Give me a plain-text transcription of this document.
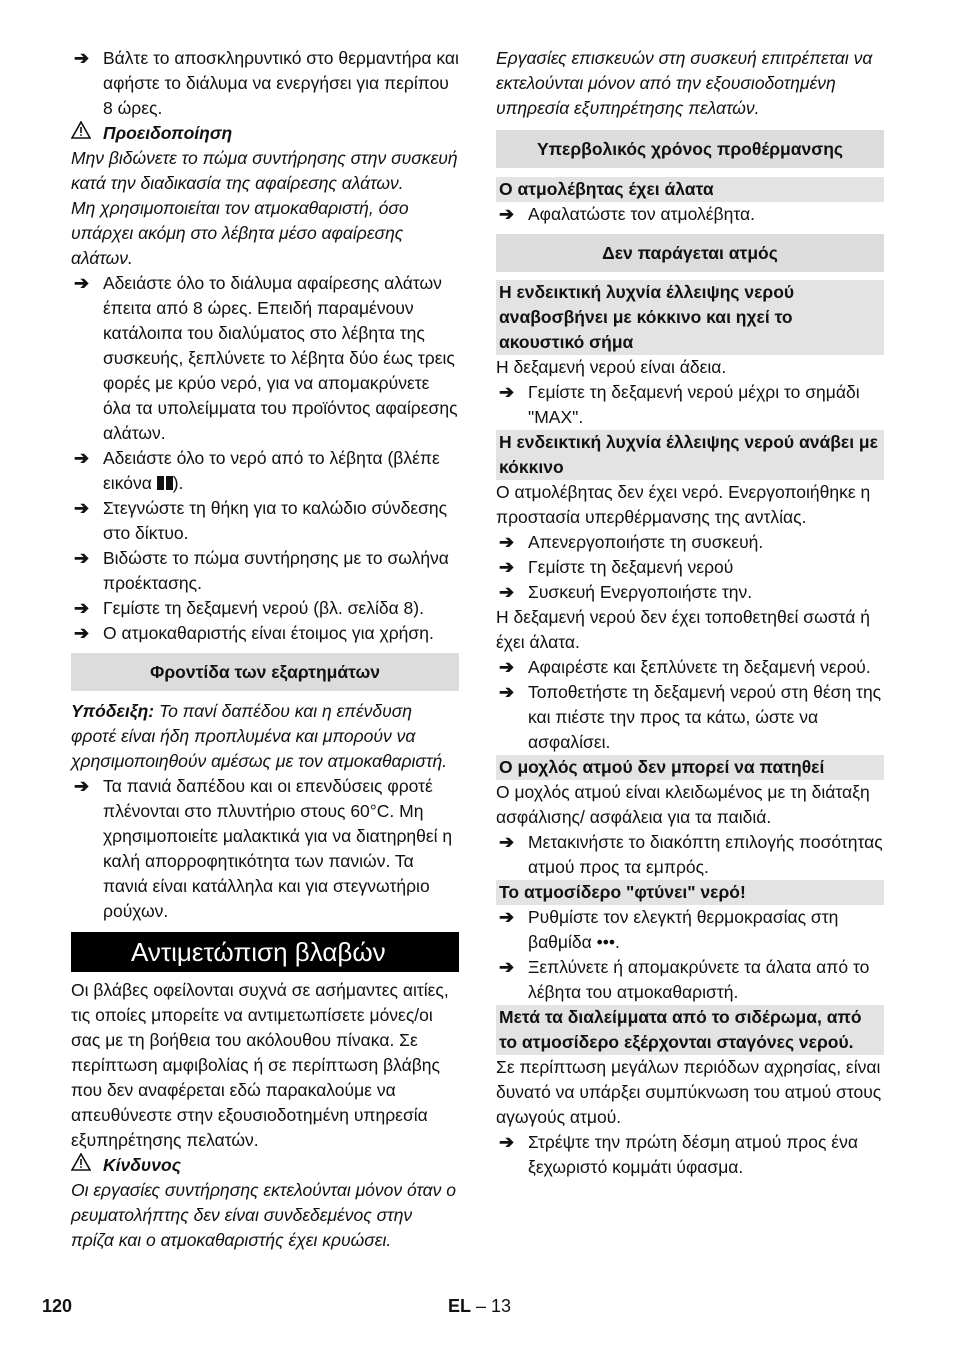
➔ Βάλτε το αποσκληρυντικό στο θερμαντήρα και αφήστε το διάλυμα να ενεργήσει για περίπου 8 ώρες.
Προειδοποίηση

Μην βιδώνετε το πώμα συντήρησης στην συσκευή κατά την διαδικασία της αφαίρεσης αλάτων.

Μη χρησιμοποιείται τον ατμοκαθαριστή, όσο υπάρχει ακόμη στο λέβητα μέσο αφαίρεσης αλάτων.

➔ Αδειάστε όλο το διάλυμα αφαίρεσης αλάτων έπειτα από 8 ώρες. Επειδή παραμένουν κατάλοιπα του διαλύματος στο λέβητα της συσκευής, ξεπλύνετε το λέβητα δύο έως τρεις φορές με κρύο νερό, για να απομακρύνετε όλα τα υπολείμματα του προϊόντος αφαίρεσης αλάτων.
➔ Αδειάστε όλο το νερό από το λέβητα (βλέπε εικόνα ).
➔ Στεγνώστε τη θήκη για το καλώδιο σύνδεσης στο δίκτυο.
➔ Βιδώστε το πώμα συντήρησης με το σωλήνα προέκτασης.
➔ Γεμίστε τη δεξαμενή νερού (βλ. σελίδα 8).
➔ Ο ατμοκαθαριστής είναι έτοιμος για χρήση.
Φροντίδα των εξαρτημάτων

Υπόδειξη: Το πανί δαπέδου και η επένδυση φροτέ είναι ήδη προπλυμένα και μπορούν να χρησιμοποιηθούν αμέσως με τον ατμοκαθαριστή.

➔ Τα πανιά δαπέδου και οι επενδύσεις φροτέ πλένονται στο πλυντήριο στους 60°C. Μη χρησιμοποιείτε μαλακτικά για να διατηρηθεί η καλή απορροφητικότητα των πανιών. Τα πανιά είναι κατάλληλα και για στεγνωτήριο ρούχων.
Αντιμετώπιση βλαβών

Οι βλάβες οφείλονται συχνά σε ασήμαντες αιτίες, τις οποίες μπορείτε να αντιμετωπίσετε μόνες/οι σας με τη βοήθεια του ακόλουθου πίνακα. Σε περίπτωση αμφιβολίας ή σε περίπτωση βλάβης που δεν αναφέρεται εδώ παρακαλούμε να απευθύνεστε στην εξουσιοδοτημένη υπηρεσία εξυπηρέτησης πελατών.

Κίνδυνος

Οι εργασίες συντήρησης εκτελούνται μόνον όταν ο ρευματολήπτης δεν είναι συνδεδεμένος στην πρίζα και ο ατμοκαθαριστής έχει κρυώσει.

Εργασίες επισκευών στη συσκευή επιτρέπεται να εκτελούνται μόνον από την εξουσιοδοτημένη υπηρεσία εξυπηρέτησης πελατών.

Υπερβολικός χρόνος προθέρμανσης
Ο ατμολέβητας έχει άλατα
➔ Αφαλατώστε τον ατμολέβητα.
Δεν παράγεται ατμός
Η ενδεικτική λυχνία έλλειψης νερού αναβοσβήνει με κόκκινο και ηχεί το ακουστικό σήμα

Η δεξαμενή νερού είναι άδεια.

➔ Γεμίστε τη δεξαμενή νερού μέχρι το σημάδι "MAX".
Η ενδεικτική λυχνία έλλειψης νερού ανάβει με κόκκινο

Ο ατμολέβητας δεν έχει νερό. Ενεργοποιήθηκε η προστασία υπερθέρμανσης της αντλίας.

➔ Απενεργοποιήστε τη συσκευή.
➔ Γεμίστε τη δεξαμενή νερού
➔ Συσκευή Ενεργοποιήστε την.

Η δεξαμενή νερού δεν έχει τοποθετηθεί σωστά ή έχει άλατα.

➔ Αφαιρέστε και ξεπλύνετε τη δεξαμενή νερού.
➔ Τοποθετήστε τη δεξαμενή νερού στη θέση της και πιέστε την προς τα κάτω, ώστε να ασφαλίσει.
Ο μοχλός ατμού δεν μπορεί να πατηθεί

Ο μοχλός ατμού είναι κλειδωμένος με τη διάταξη ασφάλισης/ ασφάλεια για τα παιδιά.

➔ Μετακινήστε το διακόπτη επιλογής ποσότητας ατμού προς τα εμπρός.
Το ατμοσίδερο "φτύνει" νερό!
➔ Ρυθμίστε τον ελεγκτή θερμοκρασίας στη βαθμίδα •••.
➔ Ξεπλύνετε ή απομακρύνετε τα άλατα από το λέβητα του ατμοκαθαριστή.
Μετά τα διαλείμματα από το σιδέρωμα, από το ατμοσίδερο εξέρχονται σταγόνες νερού.

Σε περίπτωση μεγάλων περιόδων αχρησίας, είναι δυνατό να υπάρξει συμπύκνωση του ατμού στους αγωγούς ατμού.

➔ Στρέψτε την πρώτη δέσμη ατμού προς ένα ξεχωριστό κομμάτι ύφασμα.
120	EL – 13
